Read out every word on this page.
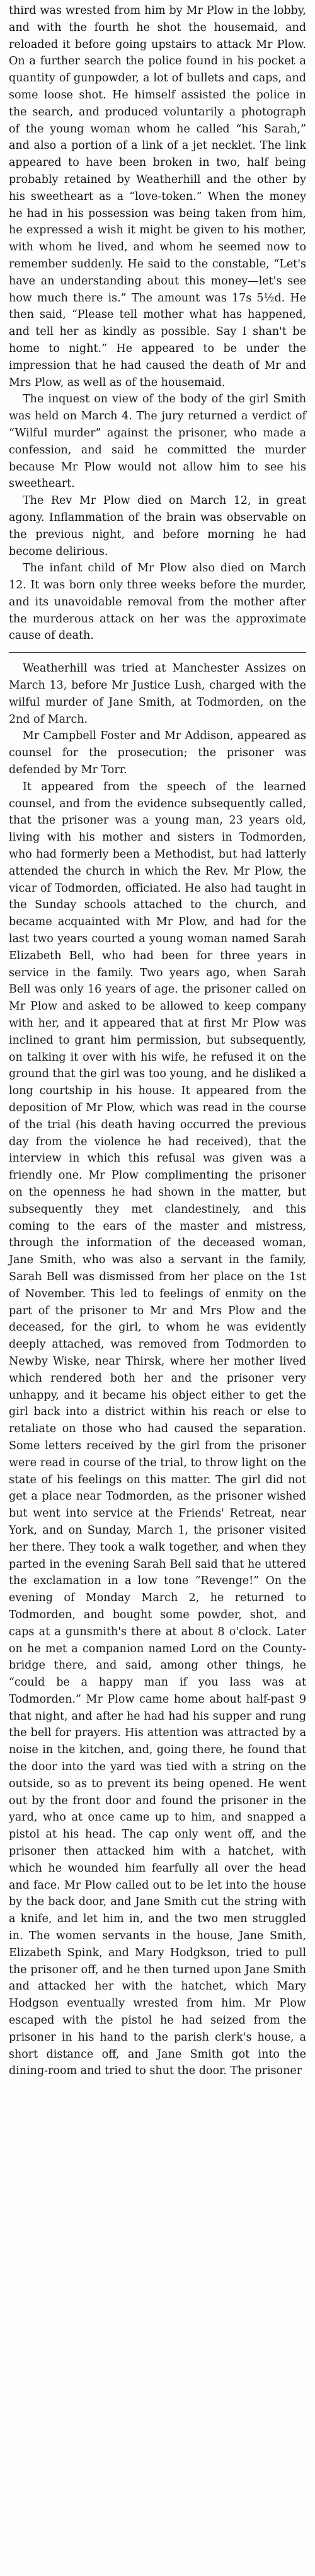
third was wrested from him by Mr Plow in the lobby, and with the fourth he shot the housemaid, and reloaded it before going upstairs to attack Mr Plow. On a further search the police found in his pocket a quantity of gunpowder, a lot of bullets and caps, and some loose shot. He himself assisted the police in the search, and produced voluntarily a photograph of the young woman whom he called “his Sarah,” and also a portion of a link of a jet necklet. The link appeared to have been broken in two, half being probably retained by Weatherhill and the other by his sweetheart as a “love-token.” When the money he had in his possession was being taken from him, he expressed a wish it might be given to his mother, with whom he lived, and whom he seemed now to remember suddenly. He said to the constable, “Let's have an understanding about this money—let's see how much there is.” The amount was 17s 5½d. He then said, “Please tell mother what has happened, and tell her as kindly as possible. Say I shan't be home to night.” He appeared to be under the impression that he had caused the death of Mr and Mrs Plow, as well as of the housemaid.

The inquest on view of the body of the girl Smith was held on March 4. The jury returned a verdict of “Wilful murder” against the prisoner, who made a confession, and said he committed the murder because Mr Plow would not allow him to see his sweetheart.

The Rev Mr Plow died on March 12, in great agony. Inflammation of the brain was observable on the previous night, and before morning he had become delirious.

The infant child of Mr Plow also died on March 12. It was born only three weeks before the murder, and its unavoidable removal from the mother after the murderous attack on her was the approximate cause of death.

Weatherhill was tried at Manchester Assizes on March 13, before Mr Justice Lush, charged with the wilful murder of Jane Smith, at Todmorden, on the 2nd of March.

Mr Campbell Foster and Mr Addison, appeared as counsel for the prosecution; the prisoner was defended by Mr Torr.

It appeared from the speech of the learned counsel, and from the evidence subsequently called, that the prisoner was a young man, 23 years old, living with his mother and sisters in Todmorden, who had formerly been a Methodist, but had latterly attended the church in which the Rev. Mr Plow, the vicar of Todmorden, officiated. He also had taught in the Sunday schools attached to the church, and became acquainted with Mr Plow, and had for the last two years courted a young woman named Sarah Elizabeth Bell, who had been for three years in service in the family. Two years ago, when Sarah Bell was only 16 years of age. the prisoner called on Mr Plow and asked to be allowed to keep company with her, and it appeared that at first Mr Plow was inclined to grant him permission, but subsequently, on talking it over with his wife, he refused it on the ground that the girl was too young, and he disliked a long courtship in his house. It appeared from the deposition of Mr Plow, which was read in the course of the trial (his death having occurred the previous day from the violence he had received), that the interview in which this refusal was given was a friendly one. Mr Plow complimenting the prisoner on the openness he had shown in the matter, but subsequently they met clandestinely, and this coming to the ears of the master and mistress, through the information of the deceased woman, Jane Smith, who was also a servant in the family, Sarah Bell was dismissed from her place on the 1st of November. This led to feelings of enmity on the part of the prisoner to Mr and Mrs Plow and the deceased, for the girl, to whom he was evidently deeply attached, was removed from Todmorden to Newby Wiske, near Thirsk, where her mother lived which rendered both her and the prisoner very unhappy, and it became his object either to get the girl back into a district within his reach or else to retaliate on those who had caused the separation. Some letters received by the girl from the prisoner were read in course of the trial, to throw light on the state of his feelings on this matter. The girl did not get a place near Todmorden, as the prisoner wished but went into service at the Friends' Retreat, near York, and on Sunday, March 1, the prisoner visited her there. They took a walk together, and when they parted in the evening Sarah Bell said that he uttered the exclamation in a low tone “Revenge!” On the evening of Monday March 2, he returned to Todmorden, and bought some powder, shot, and caps at a gunsmith's there at about 8 o'clock. Later on he met a companion named Lord on the County-bridge there, and said, among other things, he “could be a happy man if you lass was at Todmorden.” Mr Plow came home about half-past 9 that night, and after he had had his supper and rung the bell for prayers. His attention was attracted by a noise in the kitchen, and, going there, he found that the door into the yard was tied with a string on the outside, so as to prevent its being opened. He went out by the front door and found the prisoner in the yard, who at once came up to him, and snapped a pistol at his head. The cap only went off, and the prisoner then attacked him with a hatchet, with which he wounded him fearfully all over the head and face. Mr Plow called out to be let into the house by the back door, and Jane Smith cut the string with a knife, and let him in, and the two men struggled in. The women servants in the house, Jane Smith, Elizabeth Spink, and Mary Hodgkson, tried to pull the prisoner off, and he then turned upon Jane Smith and attacked her with the hatchet, which Mary Hodgson eventually wrested from him. Mr Plow escaped with the pistol he had seized from the prisoner in his hand to the parish clerk's house, a short distance off, and Jane Smith got into the dining-room and tried to shut the door. The prisoner
